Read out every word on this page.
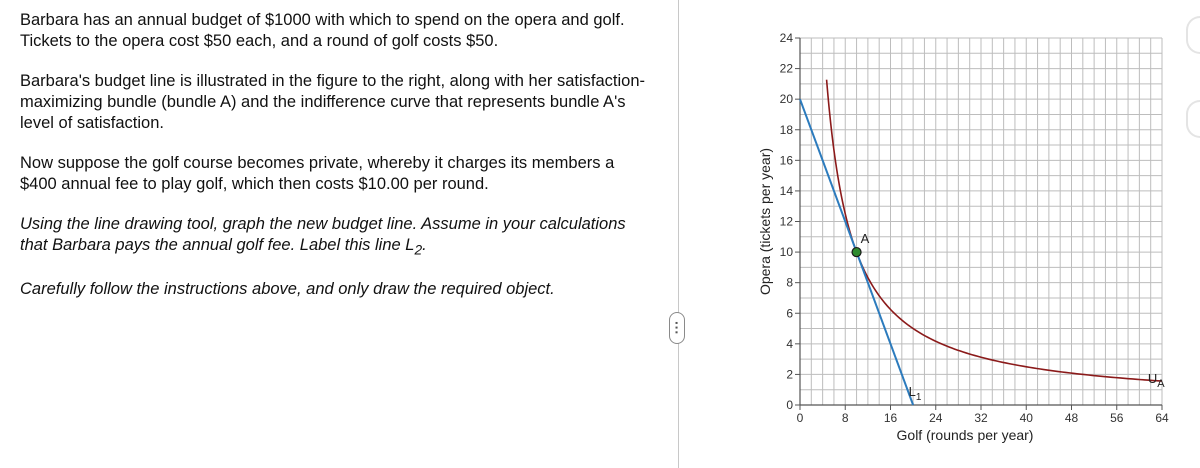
Barbara has an annual budget of $1000 with which to spend on the opera and golf. Tickets to the opera cost $50 each, and a round of golf costs $50.

Barbara's budget line is illustrated in the figure to the right, along with her satisfaction-maximizing bundle (bundle A) and the indifference curve that represents bundle A's level of satisfaction.

Now suppose the golf course becomes private, whereby it charges its members a $400 annual fee to play golf, which then costs $10.00 per round.

Using the line drawing tool, graph the new budget line. Assume in your calculations that Barbara pays the annual golf fee. Label this line $L_2$.

Carefully follow the instructions above, and only draw the required object.

···
0	8	16	24	32	40	48	56	64
0
2
4
6
8
10
12
14
16
18
20
22
24
Golf (rounds per year)
Opera (tickets per year)	A
$L_1$
$U_A$
